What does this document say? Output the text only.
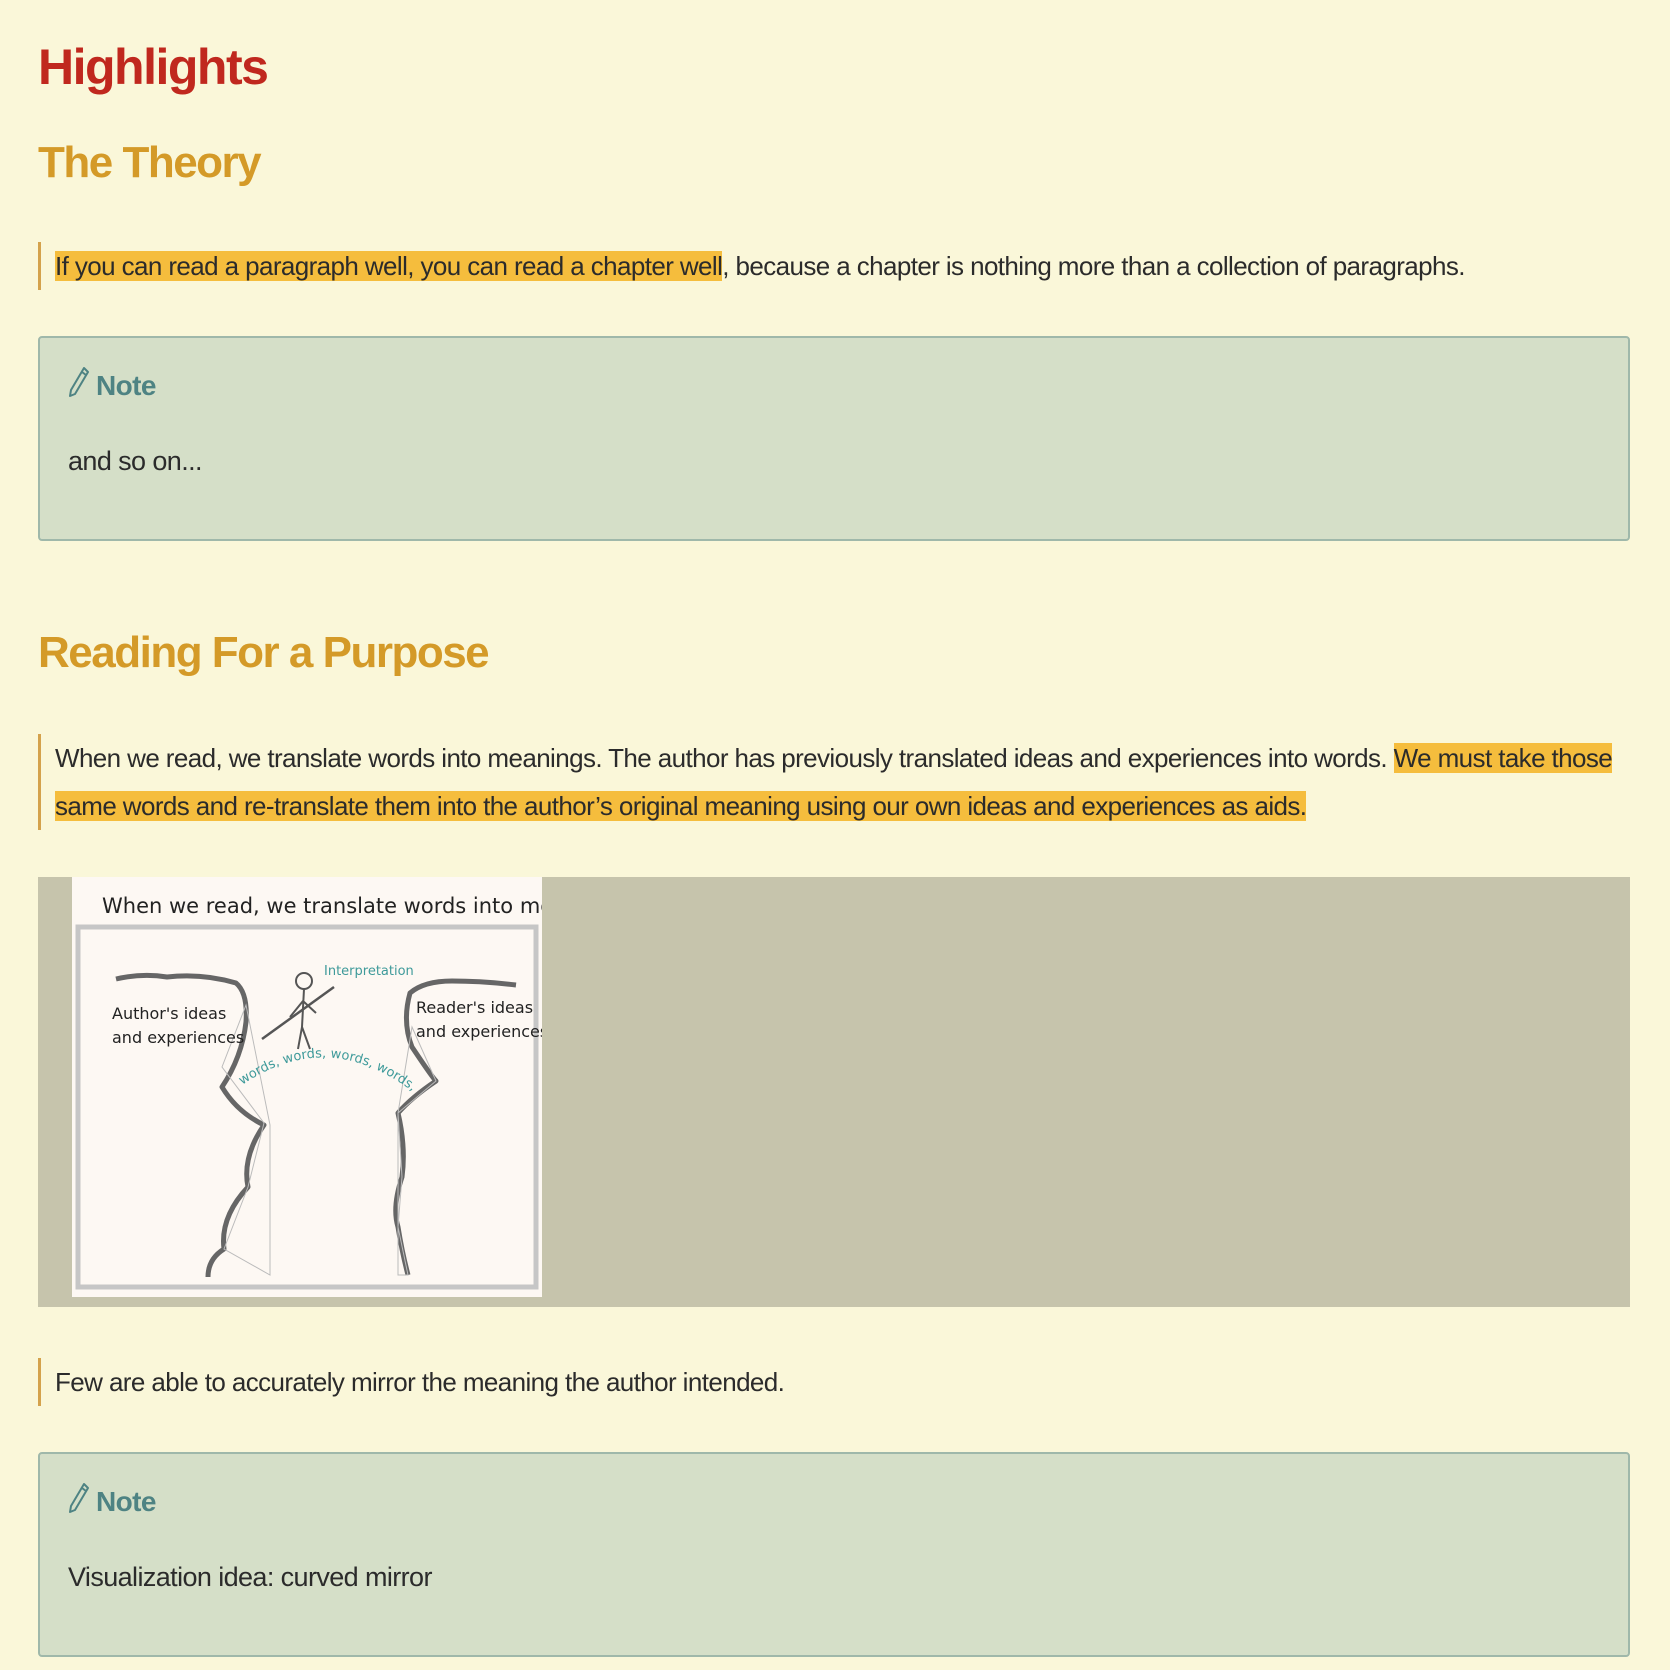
Highlights
The Theory
If you can read a paragraph well, you can read a chapter well, because a chapter is nothing more than a collection of paragraphs.
Note
and so on...
Reading For a Purpose
When we read, we translate words into meanings. The author has previously translated ideas and experiences into words. We must take those same words and re-translate them into the author’s original meaning using our own ideas and experiences as aids.
When we read, we translate words into m
Interpretation
words, words, words, words,
Author's ideas
and experiences
Reader's ideas
and experiences
Few are able to accurately mirror the meaning the author intended.
Note
Visualization idea: curved mirror
